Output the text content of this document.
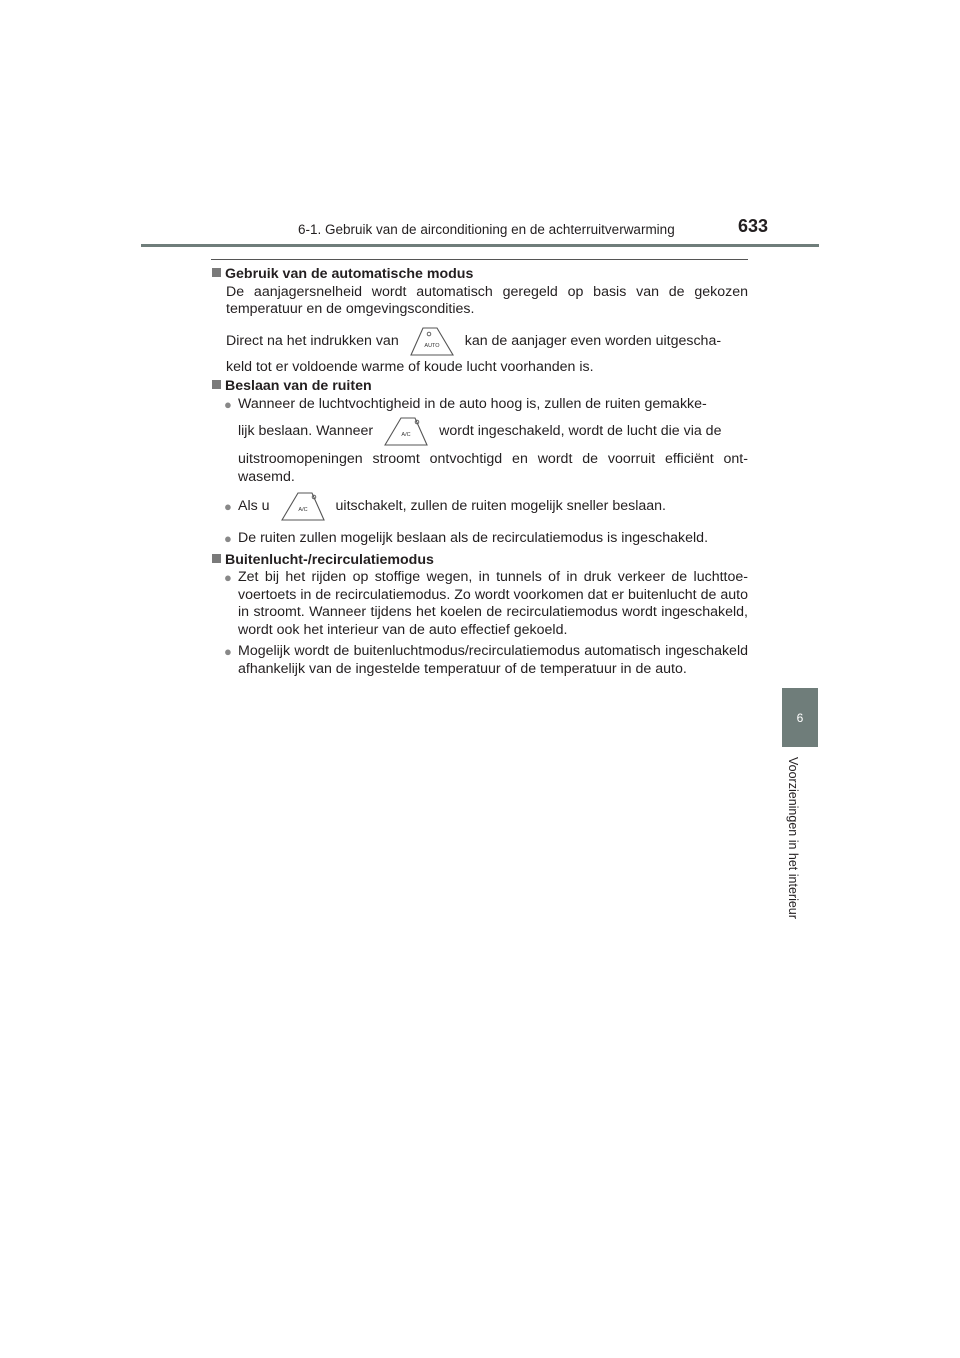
6-1. Gebruik van de airconditioning en de achterruitverwarming	633
6
Voorzieningen in het interieur
Gebruik van de automatische modus
De aanjagersnelheid wordt automatisch geregeld op basis van de gekozen temperatuur en de omgevingscondities.
Direct na het indrukken van	AUTO kan de aanjager even worden uitgescha-
keld tot er voldoende warme of koude lucht voorhanden is.
Beslaan van de ruiten
● Wanneer de luchtvochtigheid in de auto hoog is, zullen de ruiten gemakke-
lijk beslaan. Wanneer	A/C wordt ingeschakeld, wordt de lucht die via de
uitstroomopeningen stroomt ontvochtigd en wordt de voorruit efficiënt ontwasemd.
● Als u	A/C uitschakelt, zullen de ruiten mogelijk sneller beslaan.
● De ruiten zullen mogelijk beslaan als de recirculatiemodus is ingeschakeld.
Buitenlucht-/recirculatiemodus
● Zet bij het rijden op stoffige wegen, in tunnels of in druk verkeer de luchttoevoertoets in de recirculatiemodus. Zo wordt voorkomen dat er buitenlucht de auto in stroomt. Wanneer tijdens het koelen de recirculatiemodus wordt ingeschakeld, wordt ook het interieur van de auto effectief gekoeld.
● Mogelijk wordt de buitenluchtmodus/recirculatiemodus automatisch ingeschakeld afhankelijk van de ingestelde temperatuur of de temperatuur in de auto.
